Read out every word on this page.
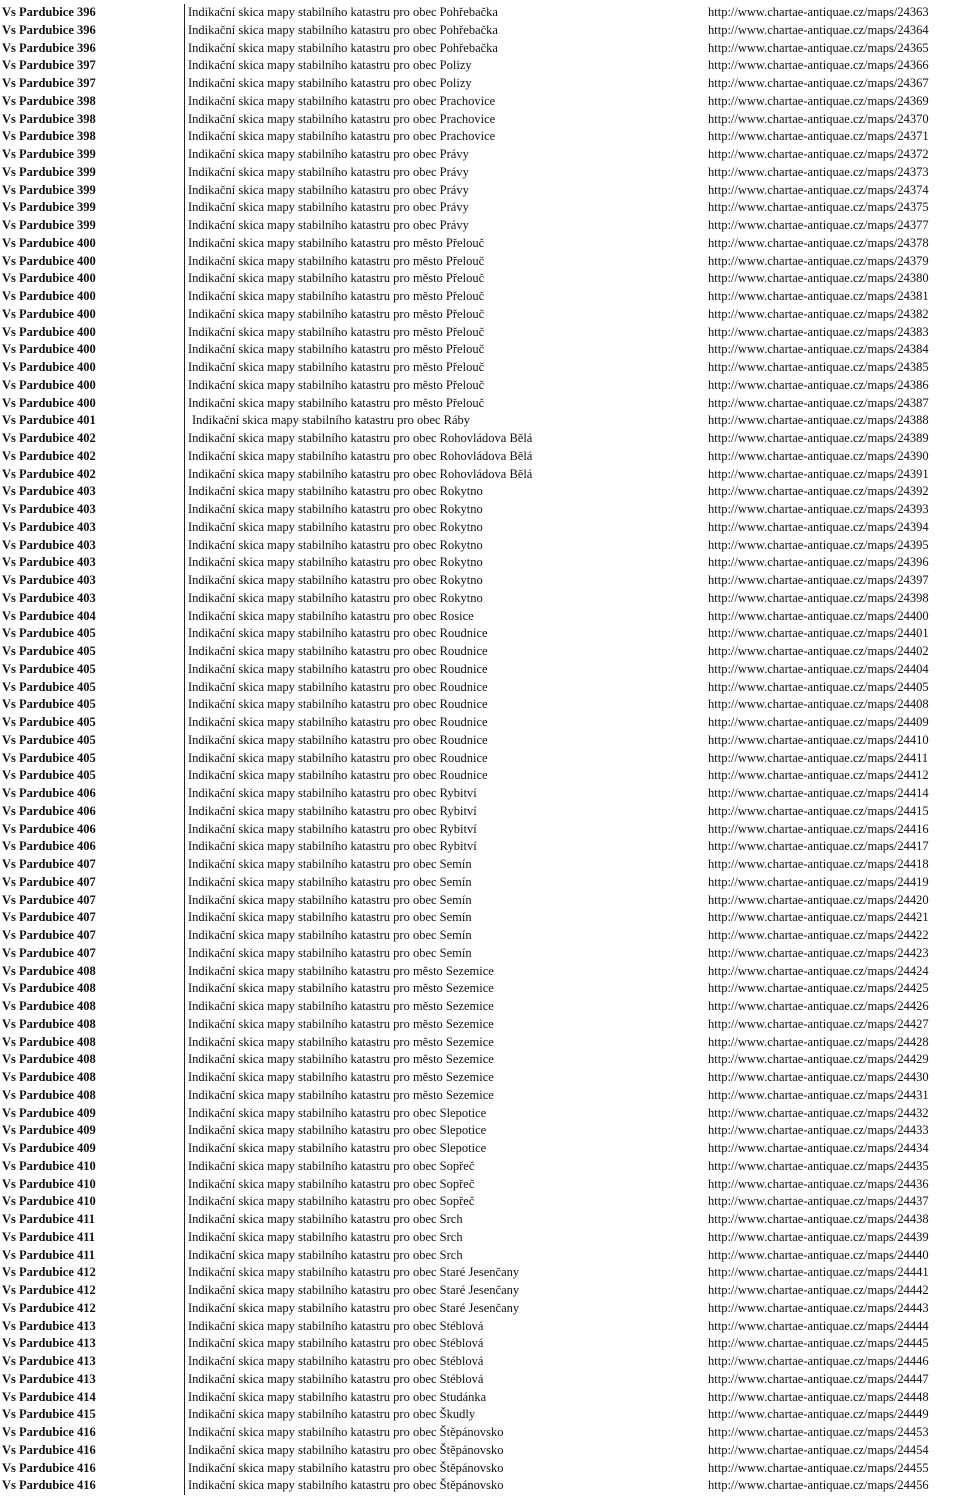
Vs Pardubice 396	Indikační skica mapy stabilního katastru pro obec Pohřebačka	http://www.chartae-antiquae.cz/maps/24363
Vs Pardubice 396	Indikační skica mapy stabilního katastru pro obec Pohřebačka	http://www.chartae-antiquae.cz/maps/24364
Vs Pardubice 396	Indikační skica mapy stabilního katastru pro obec Pohřebačka	http://www.chartae-antiquae.cz/maps/24365
Vs Pardubice 397	Indikační skica mapy stabilního katastru pro obec Polizy	http://www.chartae-antiquae.cz/maps/24366
Vs Pardubice 397	Indikační skica mapy stabilního katastru pro obec Polizy	http://www.chartae-antiquae.cz/maps/24367
Vs Pardubice 398	Indikační skica mapy stabilního katastru pro obec Prachovice	http://www.chartae-antiquae.cz/maps/24369
Vs Pardubice 398	Indikační skica mapy stabilního katastru pro obec Prachovice	http://www.chartae-antiquae.cz/maps/24370
Vs Pardubice 398	Indikační skica mapy stabilního katastru pro obec Prachovice	http://www.chartae-antiquae.cz/maps/24371
Vs Pardubice 399	Indikační skica mapy stabilního katastru pro obec Právy	http://www.chartae-antiquae.cz/maps/24372
Vs Pardubice 399	Indikační skica mapy stabilního katastru pro obec Právy	http://www.chartae-antiquae.cz/maps/24373
Vs Pardubice 399	Indikační skica mapy stabilního katastru pro obec Právy	http://www.chartae-antiquae.cz/maps/24374
Vs Pardubice 399	Indikační skica mapy stabilního katastru pro obec Právy	http://www.chartae-antiquae.cz/maps/24375
Vs Pardubice 399	Indikační skica mapy stabilního katastru pro obec Právy	http://www.chartae-antiquae.cz/maps/24377
Vs Pardubice 400	Indikační skica mapy stabilního katastru pro město Přelouč	http://www.chartae-antiquae.cz/maps/24378
Vs Pardubice 400	Indikační skica mapy stabilního katastru pro město Přelouč	http://www.chartae-antiquae.cz/maps/24379
Vs Pardubice 400	Indikační skica mapy stabilního katastru pro město Přelouč	http://www.chartae-antiquae.cz/maps/24380
Vs Pardubice 400	Indikační skica mapy stabilního katastru pro město Přelouč	http://www.chartae-antiquae.cz/maps/24381
Vs Pardubice 400	Indikační skica mapy stabilního katastru pro město Přelouč	http://www.chartae-antiquae.cz/maps/24382
Vs Pardubice 400	Indikační skica mapy stabilního katastru pro město Přelouč	http://www.chartae-antiquae.cz/maps/24383
Vs Pardubice 400	Indikační skica mapy stabilního katastru pro město Přelouč	http://www.chartae-antiquae.cz/maps/24384
Vs Pardubice 400	Indikační skica mapy stabilního katastru pro město Přelouč	http://www.chartae-antiquae.cz/maps/24385
Vs Pardubice 400	Indikační skica mapy stabilního katastru pro město Přelouč	http://www.chartae-antiquae.cz/maps/24386
Vs Pardubice 400	Indikační skica mapy stabilního katastru pro město Přelouč	http://www.chartae-antiquae.cz/maps/24387
Vs Pardubice 401	Indikační skica mapy stabilního katastru pro obec Ráby	http://www.chartae-antiquae.cz/maps/24388
Vs Pardubice 402	Indikační skica mapy stabilního katastru pro obec Rohovládova Bělá	http://www.chartae-antiquae.cz/maps/24389
Vs Pardubice 402	Indikační skica mapy stabilního katastru pro obec Rohovládova Bělá	http://www.chartae-antiquae.cz/maps/24390
Vs Pardubice 402	Indikační skica mapy stabilního katastru pro obec Rohovládova Bělá	http://www.chartae-antiquae.cz/maps/24391
Vs Pardubice 403	Indikační skica mapy stabilního katastru pro obec Rokytno	http://www.chartae-antiquae.cz/maps/24392
Vs Pardubice 403	Indikační skica mapy stabilního katastru pro obec Rokytno	http://www.chartae-antiquae.cz/maps/24393
Vs Pardubice 403	Indikační skica mapy stabilního katastru pro obec Rokytno	http://www.chartae-antiquae.cz/maps/24394
Vs Pardubice 403	Indikační skica mapy stabilního katastru pro obec Rokytno	http://www.chartae-antiquae.cz/maps/24395
Vs Pardubice 403	Indikační skica mapy stabilního katastru pro obec Rokytno	http://www.chartae-antiquae.cz/maps/24396
Vs Pardubice 403	Indikační skica mapy stabilního katastru pro obec Rokytno	http://www.chartae-antiquae.cz/maps/24397
Vs Pardubice 403	Indikační skica mapy stabilního katastru pro obec Rokytno	http://www.chartae-antiquae.cz/maps/24398
Vs Pardubice 404	Indikační skica mapy stabilního katastru pro obec Rosice	http://www.chartae-antiquae.cz/maps/24400
Vs Pardubice 405	Indikační skica mapy stabilního katastru pro obec Roudnice	http://www.chartae-antiquae.cz/maps/24401
Vs Pardubice 405	Indikační skica mapy stabilního katastru pro obec Roudnice	http://www.chartae-antiquae.cz/maps/24402
Vs Pardubice 405	Indikační skica mapy stabilního katastru pro obec Roudnice	http://www.chartae-antiquae.cz/maps/24404
Vs Pardubice 405	Indikační skica mapy stabilního katastru pro obec Roudnice	http://www.chartae-antiquae.cz/maps/24405
Vs Pardubice 405	Indikační skica mapy stabilního katastru pro obec Roudnice	http://www.chartae-antiquae.cz/maps/24408
Vs Pardubice 405	Indikační skica mapy stabilního katastru pro obec Roudnice	http://www.chartae-antiquae.cz/maps/24409
Vs Pardubice 405	Indikační skica mapy stabilního katastru pro obec Roudnice	http://www.chartae-antiquae.cz/maps/24410
Vs Pardubice 405	Indikační skica mapy stabilního katastru pro obec Roudnice	http://www.chartae-antiquae.cz/maps/24411
Vs Pardubice 405	Indikační skica mapy stabilního katastru pro obec Roudnice	http://www.chartae-antiquae.cz/maps/24412
Vs Pardubice 406	Indikační skica mapy stabilního katastru pro obec Rybitví	http://www.chartae-antiquae.cz/maps/24414
Vs Pardubice 406	Indikační skica mapy stabilního katastru pro obec Rybitví	http://www.chartae-antiquae.cz/maps/24415
Vs Pardubice 406	Indikační skica mapy stabilního katastru pro obec Rybitví	http://www.chartae-antiquae.cz/maps/24416
Vs Pardubice 406	Indikační skica mapy stabilního katastru pro obec Rybitví	http://www.chartae-antiquae.cz/maps/24417
Vs Pardubice 407	Indikační skica mapy stabilního katastru pro obec Semín	http://www.chartae-antiquae.cz/maps/24418
Vs Pardubice 407	Indikační skica mapy stabilního katastru pro obec Semín	http://www.chartae-antiquae.cz/maps/24419
Vs Pardubice 407	Indikační skica mapy stabilního katastru pro obec Semín	http://www.chartae-antiquae.cz/maps/24420
Vs Pardubice 407	Indikační skica mapy stabilního katastru pro obec Semín	http://www.chartae-antiquae.cz/maps/24421
Vs Pardubice 407	Indikační skica mapy stabilního katastru pro obec Semín	http://www.chartae-antiquae.cz/maps/24422
Vs Pardubice 407	Indikační skica mapy stabilního katastru pro obec Semín	http://www.chartae-antiquae.cz/maps/24423
Vs Pardubice 408	Indikační skica mapy stabilního katastru pro město Sezemice	http://www.chartae-antiquae.cz/maps/24424
Vs Pardubice 408	Indikační skica mapy stabilního katastru pro město Sezemice	http://www.chartae-antiquae.cz/maps/24425
Vs Pardubice 408	Indikační skica mapy stabilního katastru pro město Sezemice	http://www.chartae-antiquae.cz/maps/24426
Vs Pardubice 408	Indikační skica mapy stabilního katastru pro město Sezemice	http://www.chartae-antiquae.cz/maps/24427
Vs Pardubice 408	Indikační skica mapy stabilního katastru pro město Sezemice	http://www.chartae-antiquae.cz/maps/24428
Vs Pardubice 408	Indikační skica mapy stabilního katastru pro město Sezemice	http://www.chartae-antiquae.cz/maps/24429
Vs Pardubice 408	Indikační skica mapy stabilního katastru pro město Sezemice	http://www.chartae-antiquae.cz/maps/24430
Vs Pardubice 408	Indikační skica mapy stabilního katastru pro město Sezemice	http://www.chartae-antiquae.cz/maps/24431
Vs Pardubice 409	Indikační skica mapy stabilního katastru pro obec Slepotice	http://www.chartae-antiquae.cz/maps/24432
Vs Pardubice 409	Indikační skica mapy stabilního katastru pro obec Slepotice	http://www.chartae-antiquae.cz/maps/24433
Vs Pardubice 409	Indikační skica mapy stabilního katastru pro obec Slepotice	http://www.chartae-antiquae.cz/maps/24434
Vs Pardubice 410	Indikační skica mapy stabilního katastru pro obec Sopřeč	http://www.chartae-antiquae.cz/maps/24435
Vs Pardubice 410	Indikační skica mapy stabilního katastru pro obec Sopřeč	http://www.chartae-antiquae.cz/maps/24436
Vs Pardubice 410	Indikační skica mapy stabilního katastru pro obec Sopřeč	http://www.chartae-antiquae.cz/maps/24437
Vs Pardubice 411	Indikační skica mapy stabilního katastru pro obec Srch	http://www.chartae-antiquae.cz/maps/24438
Vs Pardubice 411	Indikační skica mapy stabilního katastru pro obec Srch	http://www.chartae-antiquae.cz/maps/24439
Vs Pardubice 411	Indikační skica mapy stabilního katastru pro obec Srch	http://www.chartae-antiquae.cz/maps/24440
Vs Pardubice 412	Indikační skica mapy stabilního katastru pro obec Staré Jesenčany	http://www.chartae-antiquae.cz/maps/24441
Vs Pardubice 412	Indikační skica mapy stabilního katastru pro obec Staré Jesenčany	http://www.chartae-antiquae.cz/maps/24442
Vs Pardubice 412	Indikační skica mapy stabilního katastru pro obec Staré Jesenčany	http://www.chartae-antiquae.cz/maps/24443
Vs Pardubice 413	Indikační skica mapy stabilního katastru pro obec Stéblová	http://www.chartae-antiquae.cz/maps/24444
Vs Pardubice 413	Indikační skica mapy stabilního katastru pro obec Stéblová	http://www.chartae-antiquae.cz/maps/24445
Vs Pardubice 413	Indikační skica mapy stabilního katastru pro obec Stéblová	http://www.chartae-antiquae.cz/maps/24446
Vs Pardubice 413	Indikační skica mapy stabilního katastru pro obec Stéblová	http://www.chartae-antiquae.cz/maps/24447
Vs Pardubice 414	Indikační skica mapy stabilního katastru pro obec Studánka	http://www.chartae-antiquae.cz/maps/24448
Vs Pardubice 415	Indikační skica mapy stabilního katastru pro obec Škudly	http://www.chartae-antiquae.cz/maps/24449
Vs Pardubice 416	Indikační skica mapy stabilního katastru pro obec Štěpánovsko	http://www.chartae-antiquae.cz/maps/24453
Vs Pardubice 416	Indikační skica mapy stabilního katastru pro obec Štěpánovsko	http://www.chartae-antiquae.cz/maps/24454
Vs Pardubice 416	Indikační skica mapy stabilního katastru pro obec Štěpánovsko	http://www.chartae-antiquae.cz/maps/24455
Vs Pardubice 416	Indikační skica mapy stabilního katastru pro obec Štěpánovsko	http://www.chartae-antiquae.cz/maps/24456
